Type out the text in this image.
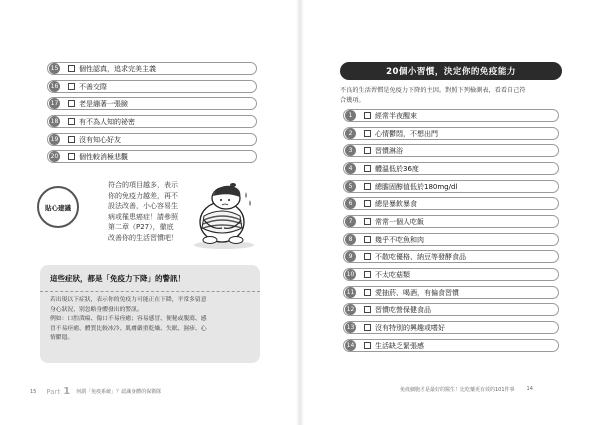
15	個性認真，追求完美主義
16	不善交際
17	老是繃著一張臉
18	有不為人知的祕密
19	沒有知心好友
20	個性較消極悲觀
貼心建議
符合的項目越多，表示
你的免疫力越差，再不
設法改善，小心容易生
病或罹患癌症！請參照
第二章（P27），徹底
改善你的生活習慣吧！
這些症狀，都是「免疫力下降」的警訊！
若出現以下症狀，表示你的免疫力可能正在下降，平常多留意
身心狀況，別忽略身體發出的警訊。
例如：口腔潰瘍、傷口不易痊癒；容易感冒、便秘或腹瀉、感
冒不易痊癒、體質比較冰冷、肌膚嚴重乾燥、失眠、濕疹、心
情鬱悶。
15 Part 1 何謂「免疫系統」？認識身體的保衛隊
20個小習慣，決定你的免疫能力
不良的生活習慣是免疫力下降的主因。對照下列檢測表，看看自己符
合幾項。
1	經常半夜醒來
2	心情鬱悶，不想出門
3	習慣淋浴
4	體溫低於36度
5	總膽固醇值低於180mg/dl
6	總是暴飲暴食
7	常常一個人吃飯
8	幾乎不吃魚和肉
9	不散吃優格、納豆等發酵食品
10	不太吃菇類
11	愛抽菸、喝酒，有偏食習慣
12	習慣吃營保健食品
13	沒有特別的興趣或嗜好
14	生活缺乏緊張感
免疫細胞才是最好的醫生！比吃藥更有效的101件事 14
